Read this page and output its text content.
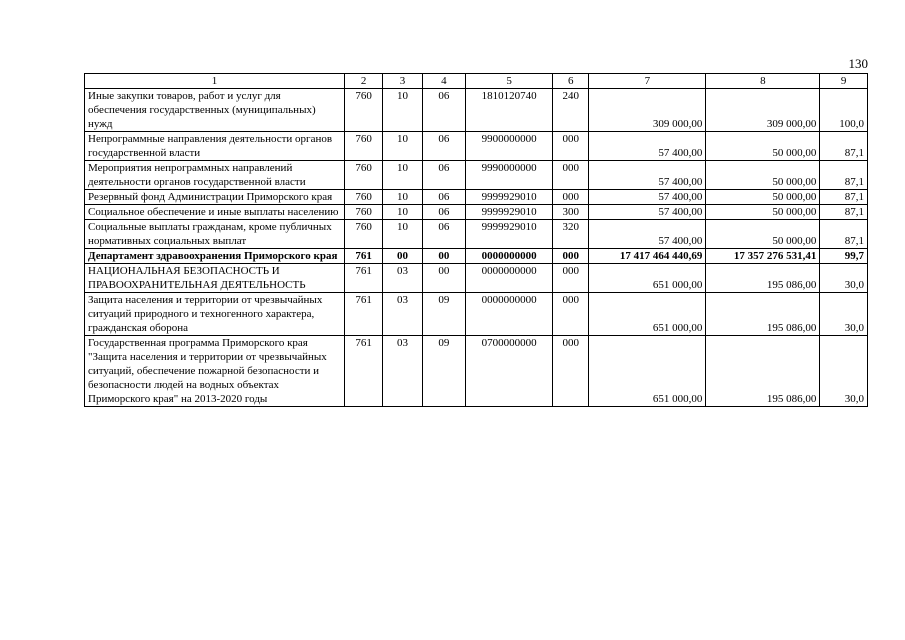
130
1	2	3	4	5	6	7	8	9
Иные закупки товаров, работ и услуг для обеспечения государственных (муниципальных) нужд	760	10	06	1810120740	240	309 000,00	309 000,00	100,0
Непрограммные направления деятельности органов государственной власти	760	10	06	9900000000	000	57 400,00	50 000,00	87,1
Мероприятия непрограммных направлений деятельности органов государственной власти	760	10	06	9990000000	000	57 400,00	50 000,00	87,1
Резервный фонд Администрации Приморского края	760	10	06	9999929010	000	57 400,00	50 000,00	87,1
Социальное обеспечение и иные выплаты населению	760	10	06	9999929010	300	57 400,00	50 000,00	87,1
Социальные выплаты гражданам, кроме публичных нормативных социальных выплат	760	10	06	9999929010	320	57 400,00	50 000,00	87,1
Департамент здравоохранения Приморского края	761	00	00	0000000000	000	17 417 464 440,69	17 357 276 531,41	99,7
НАЦИОНАЛЬНАЯ БЕЗОПАСНОСТЬ И ПРАВООХРАНИТЕЛЬНАЯ ДЕЯТЕЛЬНОСТЬ	761	03	00	0000000000	000	651 000,00	195 086,00	30,0
Защита населения и территории от чрезвычайных ситуаций природного и техногенного характера, гражданская оборона	761	03	09	0000000000	000	651 000,00	195 086,00	30,0
Государственная программа Приморского края "Защита населения и территории от чрезвычайных ситуаций, обеспечение пожарной безопасности и безопасности людей на водных объектах Приморского края" на 2013-2020 годы	761	03	09	0700000000	000	651 000,00	195 086,00	30,0
